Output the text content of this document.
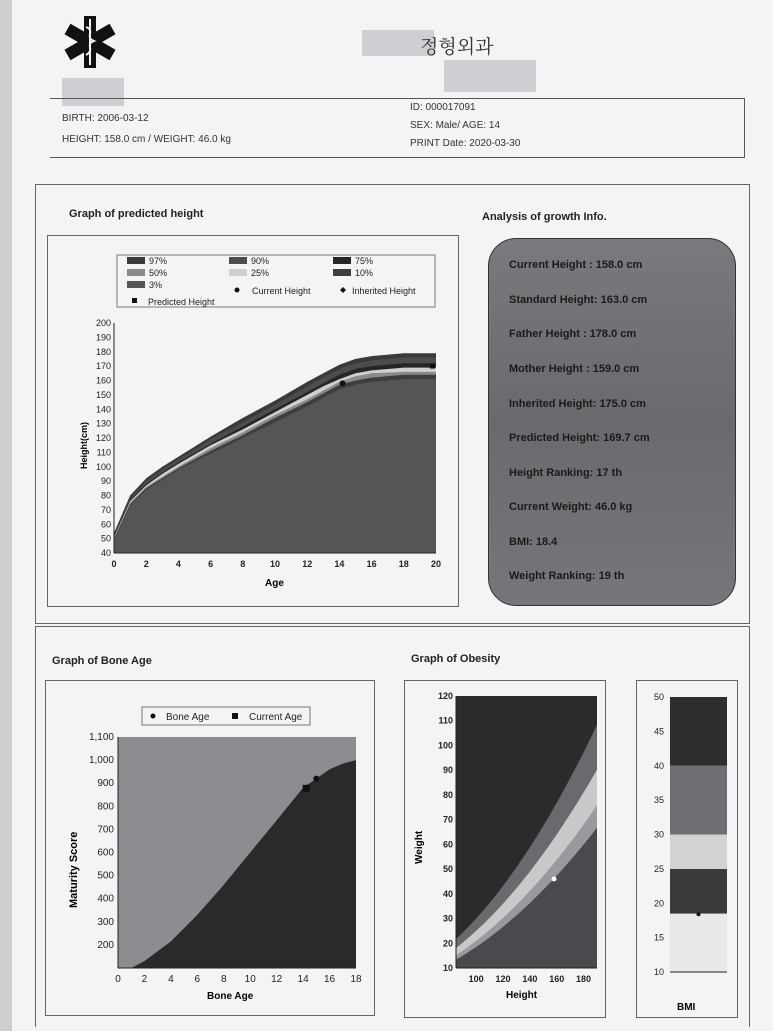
정형외과
BIRTH: 2006-03-12
HEIGHT: 158.0 cm / WEIGHT: 46.0 kg
ID: 000017091
SEX: Male/ AGE: 14
PRINT Date: 2020-03-30
Graph of predicted height	Analysis of growth Info.
Graph of Bone Age	Graph of Obesity
Current Height : 158.0 cm
Standard Height: 163.0 cm
Father Height : 178.0 cm
Mother Height : 159.0 cm
Inherited Height: 175.0 cm
Predicted Height: 169.7 cm
Height Ranking: 17 th
Current Weight: 46.0 kg
BMI: 18.4
Weight Ranking: 19 th
97%	90%	75%
50%	25%	10%
3%
Current Height	Inherited Height
Predicted Height
40
50
60
70
80
90
100
110
120
130
140
150
160
170
180
190
200
0	2	4	6	8	10 12 14 16 18 20
Height(cm)
Age
Bone Age	Current Age
200
300
400
500
600
700
800
900
1,000
1,100
0 2 4 6 8 10 12 14 16 18
Maturity Score
Bone Age
10
20
30
40
50
60
70
80
90
100
110
120
100 120 140 160 180
Weight
Height
10
15
20
25
30
35
40
45
50
BMI
